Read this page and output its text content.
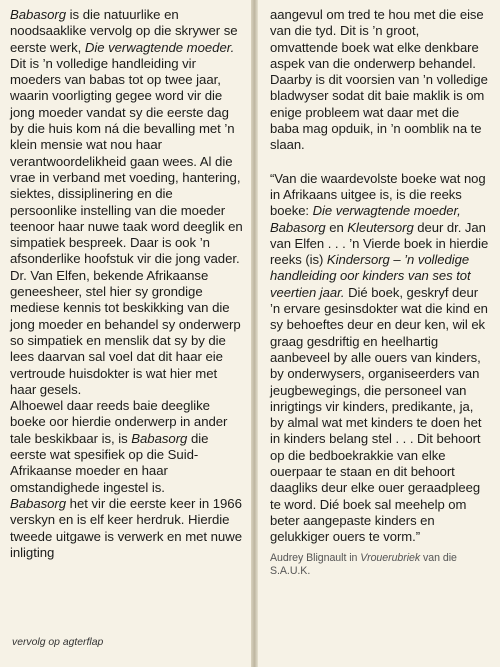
Babasorg is die natuurlike en noodsaaklike vervolg op die skrywer se eerste werk, Die verwagtende moeder. Dit is ’n volledige handleiding vir moeders van babas tot op twee jaar, waarin voorligting gegee word vir die jong moeder vandat sy die eerste dag by die huis kom ná die bevalling met ’n klein mensie wat nou haar verantwoordelikheid gaan wees. Al die vrae in verband met voeding, hantering, siektes, dissiplinering en die persoonlike instelling van die moeder teenoor haar nuwe taak word deeglik en simpatiek bespreek. Daar is ook ’n afsonderlike hoofstuk vir die jong vader.

Dr. Van Elfen, bekende Afrikaanse geneesheer, stel hier sy grondige mediese kennis tot beskikking van die jong moeder en behandel sy onderwerp so simpatiek en menslik dat sy by die lees daarvan sal voel dat dit haar eie vertroude huisdokter is wat hier met haar gesels.

Alhoewel daar reeds baie deeglike boeke oor hierdie onderwerp in ander tale beskikbaar is, is Babasorg die eerste wat spesifiek op die Suid-Afrikaanse moeder en haar omstandighede ingestel is.

Babasorg het vir die eerste keer in 1966 verskyn en is elf keer herdruk. Hierdie tweede uitgawe is verwerk en met nuwe inligting

vervolg op agterflap

aangevul om tred te hou met die eise van die tyd. Dit is ’n groot, omvattende boek wat elke denkbare aspek van die onderwerp behandel. Daarby is dit voorsien van ’n volledige bladwyser sodat dit baie maklik is om enige probleem wat daar met die baba mag opduik, in ’n oomblik na te slaan.

“Van die waardevolste boeke wat nog in Afrikaans uitgee is, is die reeks boeke: Die verwagtende moeder, Babasorg en Kleutersorg deur dr. Jan van Elfen . . . ’n Vierde boek in hierdie reeks (is) Kindersorg – ’n volledige handleiding oor kinders van ses tot veertien jaar. Dié boek, geskryf deur ’n ervare gesinsdokter wat die kind en sy behoeftes deur en deur ken, wil ek graag gesdriftig en heelhartig aanbeveel by alle ouers van kinders, by onderwysers, organiseerders van jeugbewegings, die personeel van inrigtings vir kinders, predikante, ja, by almal wat met kinders te doen het in kinders belang stel . . . Dit behoort op die bedboekrakkie van elke ouerpaar te staan en dit behoort daagliks deur elke ouer geraadpleeg te word. Dié boek sal meehelp om beter aangepaste kinders en gelukkiger ouers te vorm.”

Audrey Blignault in Vrouerubriek van die S.A.U.K.
